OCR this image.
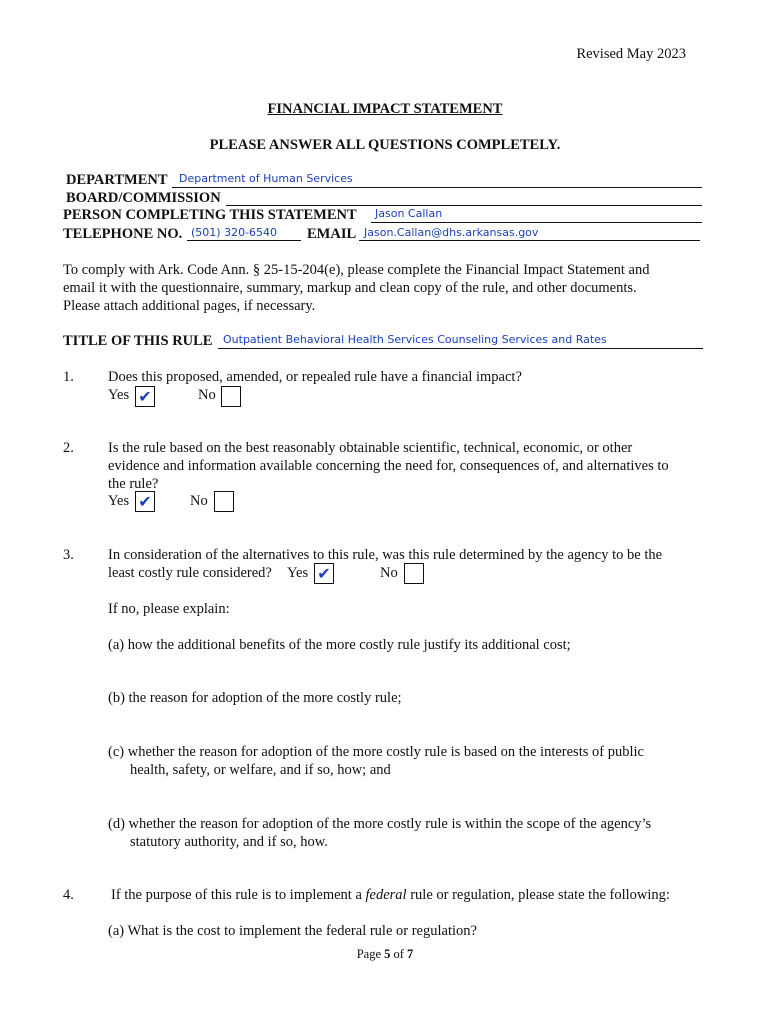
Revised May 2023
FINANCIAL IMPACT STATEMENT
PLEASE ANSWER ALL QUESTIONS COMPLETELY.
DEPARTMENT Department of Human Services
BOARD/COMMISSION
PERSON COMPLETING THIS STATEMENT Jason Callan
TELEPHONE NO. (501) 320-6540 EMAIL Jason.Callan@dhs.arkansas.gov
To comply with Ark. Code Ann. § 25-15-204(e), please complete the Financial Impact Statement and
email it with the questionnaire, summary, markup and clean copy of the rule, and other documents.
Please attach additional pages, if necessary.
TITLE OF THIS RULE Outpatient Behavioral Health Services Counseling Services and Rates
1. Does this proposed, amended, or repealed rule have a financial impact?
Yes ✔	No
2. Is the rule based on the best reasonably obtainable scientific, technical, economic, or other
evidence and information available concerning the need for, consequences of, and alternatives to
the rule?
Yes ✔	No
3. In consideration of the alternatives to this rule, was this rule determined by the agency to be the
least costly rule considered? Yes ✔	No
If no, please explain:
(a) how the additional benefits of the more costly rule justify its additional cost;
(b) the reason for adoption of the more costly rule;
(c) whether the reason for adoption of the more costly rule is based on the interests of public
health, safety, or welfare, and if so, how; and
(d) whether the reason for adoption of the more costly rule is within the scope of the agency’s
statutory authority, and if so, how.
4.	If the purpose of this rule is to implement a federal rule or regulation, please state the following:
(a) What is the cost to implement the federal rule or regulation?
Page 5 of 7
